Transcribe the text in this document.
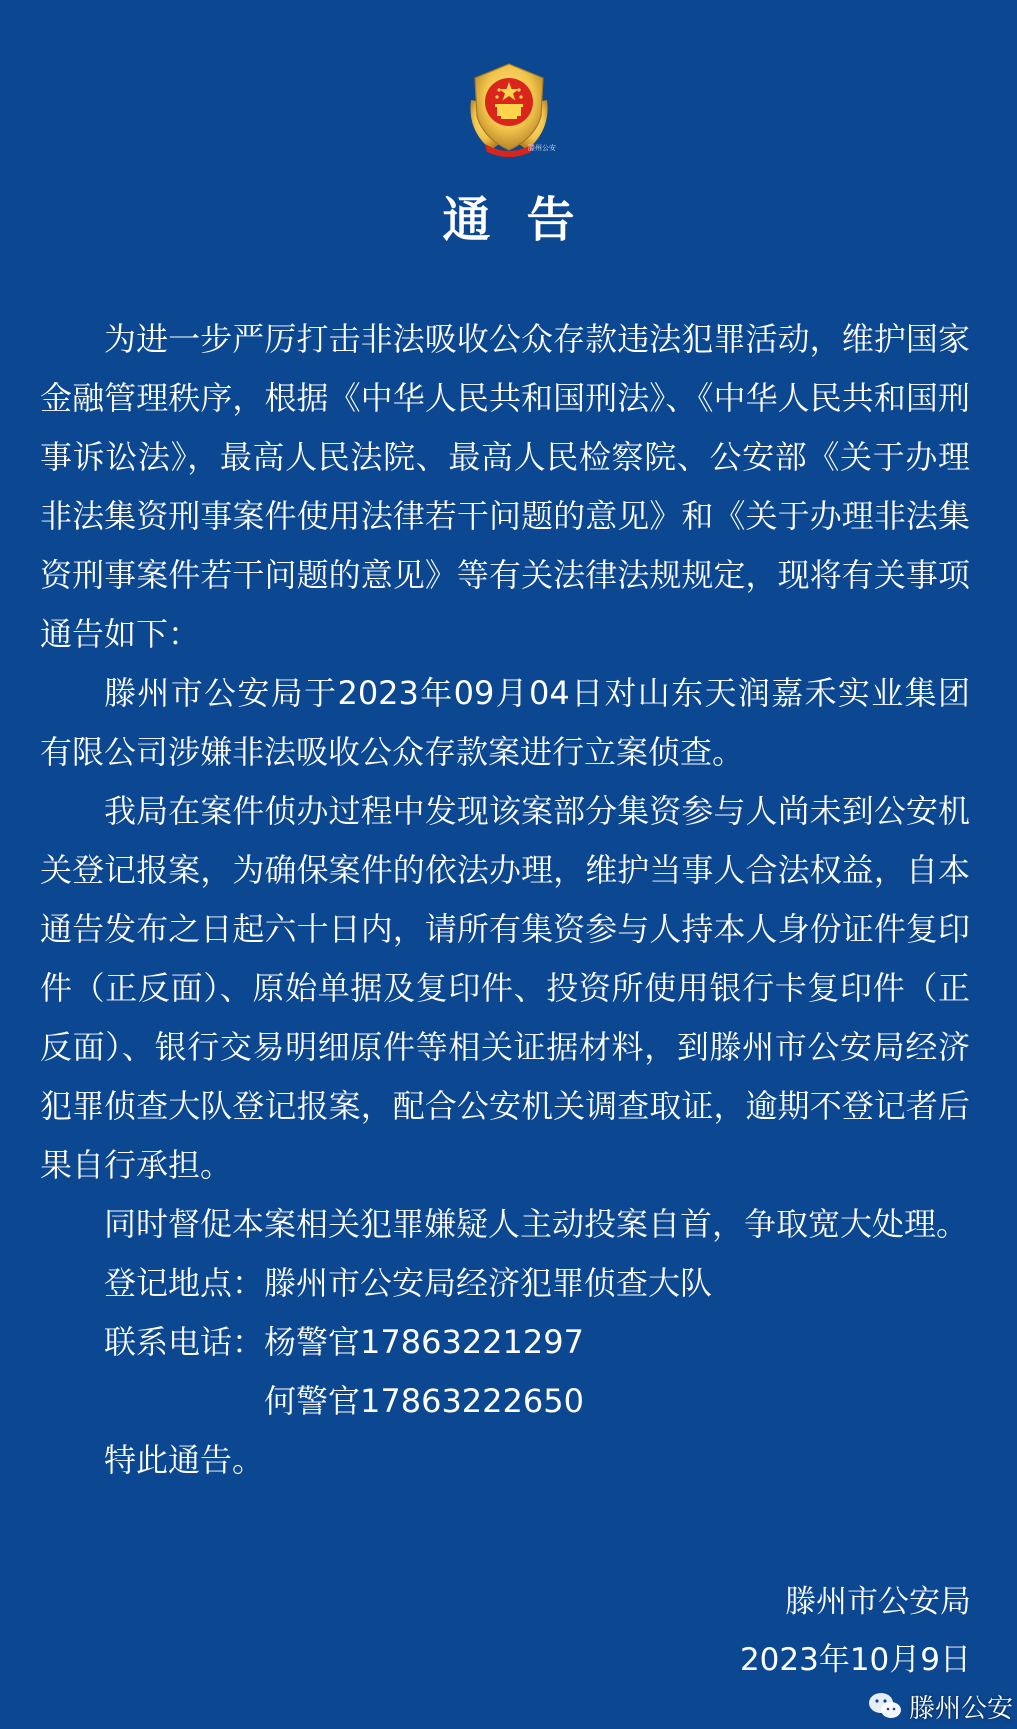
滕州公安
通告

为进一步严厉打击非法吸收公众存款违法犯罪活动，维护国家金融管理秩序，根据《中华人民共和国刑法》、《中华人民共和国刑事诉讼法》，最高人民法院、最高人民检察院、公安部《关于办理非法集资刑事案件使用法律若干问题的意见》和《关于办理非法集资刑事案件若干问题的意见》等有关法律法规规定，现将有关事项通告如下：

滕州市公安局于2023年09月04日对山东天润嘉禾实业集团有限公司涉嫌非法吸收公众存款案进行立案侦查。

我局在案件侦办过程中发现该案部分集资参与人尚未到公安机关登记报案，为确保案件的依法办理，维护当事人合法权益，自本通告发布之日起六十日内，请所有集资参与人持本人身份证件复印件（正反面）、原始单据及复印件、投资所使用银行卡复印件（正反面）、银行交易明细原件等相关证据材料，到滕州市公安局经济犯罪侦查大队登记报案，配合公安机关调查取证，逾期不登记者后果自行承担。

同时督促本案相关犯罪嫌疑人主动投案自首，争取宽大处理。

登记地点：滕州市公安局经济犯罪侦查大队

联系电话：杨警官17863221297

何警官17863222650

特此通告。

滕州市公安局
2023年10月9日
滕州公安
